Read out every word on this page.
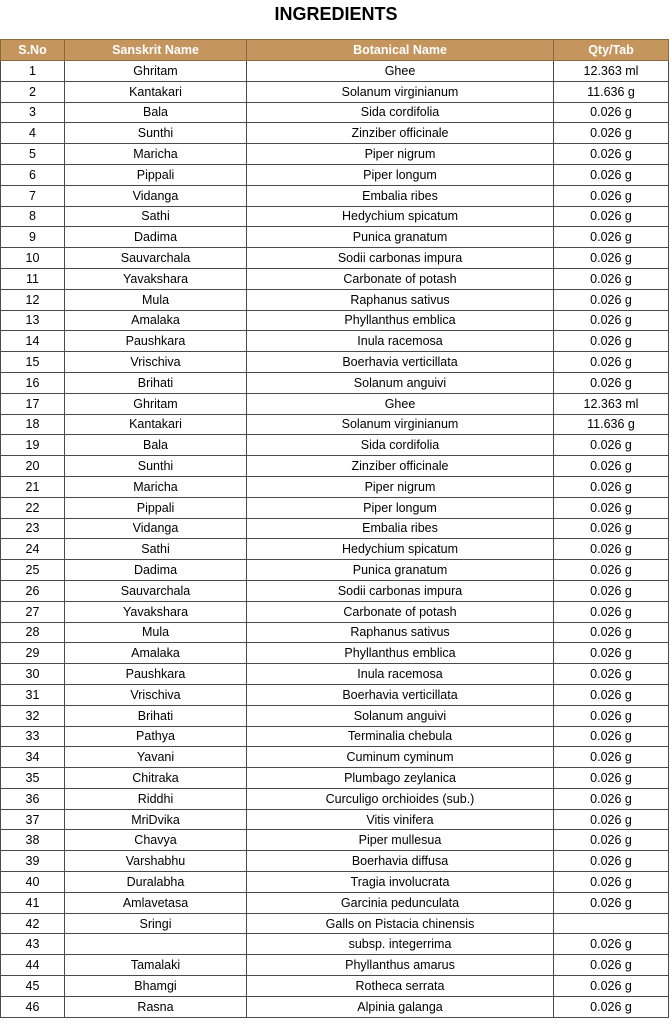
INGREDIENTS
S.No	Sanskrit Name	Botanical Name	Qty/Tab
1	Ghritam	Ghee	12.363 ml
2	Kantakari	Solanum virginianum	11.636 g
3	Bala	Sida cordifolia	0.026 g
4	Sunthi	Zinziber officinale	0.026 g
5	Maricha	Piper nigrum	0.026 g
6	Pippali	Piper longum	0.026 g
7	Vidanga	Embalia ribes	0.026 g
8	Sathi	Hedychium spicatum	0.026 g
9	Dadima	Punica granatum	0.026 g
10	Sauvarchala	Sodii carbonas impura	0.026 g
11	Yavakshara	Carbonate of potash	0.026 g
12	Mula	Raphanus sativus	0.026 g
13	Amalaka	Phyllanthus emblica	0.026 g
14	Paushkara	Inula racemosa	0.026 g
15	Vrischiva	Boerhavia verticillata	0.026 g
16	Brihati	Solanum anguivi	0.026 g
17	Ghritam	Ghee	12.363 ml
18	Kantakari	Solanum virginianum	11.636 g
19	Bala	Sida cordifolia	0.026 g
20	Sunthi	Zinziber officinale	0.026 g
21	Maricha	Piper nigrum	0.026 g
22	Pippali	Piper longum	0.026 g
23	Vidanga	Embalia ribes	0.026 g
24	Sathi	Hedychium spicatum	0.026 g
25	Dadima	Punica granatum	0.026 g
26	Sauvarchala	Sodii carbonas impura	0.026 g
27	Yavakshara	Carbonate of potash	0.026 g
28	Mula	Raphanus sativus	0.026 g
29	Amalaka	Phyllanthus emblica	0.026 g
30	Paushkara	Inula racemosa	0.026 g
31	Vrischiva	Boerhavia verticillata	0.026 g
32	Brihati	Solanum anguivi	0.026 g
33	Pathya	Terminalia chebula	0.026 g
34	Yavani	Cuminum cyminum	0.026 g
35	Chitraka	Plumbago zeylanica	0.026 g
36	Riddhi	Curculigo orchioides (sub.)	0.026 g
37	MriDvika	Vitis vinifera	0.026 g
38	Chavya	Piper mullesua	0.026 g
39	Varshabhu	Boerhavia diffusa	0.026 g
40	Duralabha	Tragia involucrata	0.026 g
41	Amlavetasa	Garcinia pedunculata	0.026 g
42	Sringi	Galls on Pistacia chinensis	
43		subsp. integerrima	0.026 g
44	Tamalaki	Phyllanthus amarus	0.026 g
45	Bhamgi	Rotheca serrata	0.026 g
46	Rasna	Alpinia galanga	0.026 g
